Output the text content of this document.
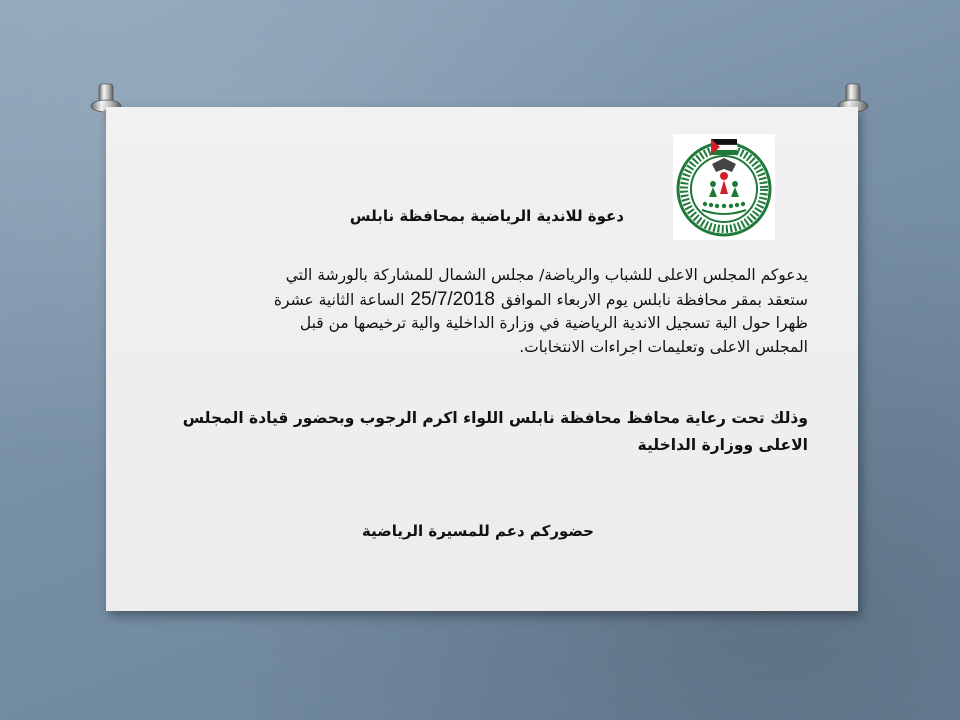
دعوة للاندية الرياضية بمحافظة نابلس
يدعوكم المجلس الاعلى للشباب والرياضة/ مجلس الشمال للمشاركة بالورشة التي
ستعقد بمقر محافظة نابلس يوم الاربعاء الموافق25/7/2018الساعة الثانية عشرة
ظهرا حول الية تسجيل الاندية الرياضية في وزارة الداخلية والية ترخيصها من قبل
المجلس الاعلى وتعليمات اجراءات الانتخابات.
وذلك تحت رعاية محافظ محافظة نابلس اللواء اكرم الرجوب وبحضور قيادة المجلس
الاعلى ووزارة الداخلية
حضوركم دعم للمسيرة الرياضية
